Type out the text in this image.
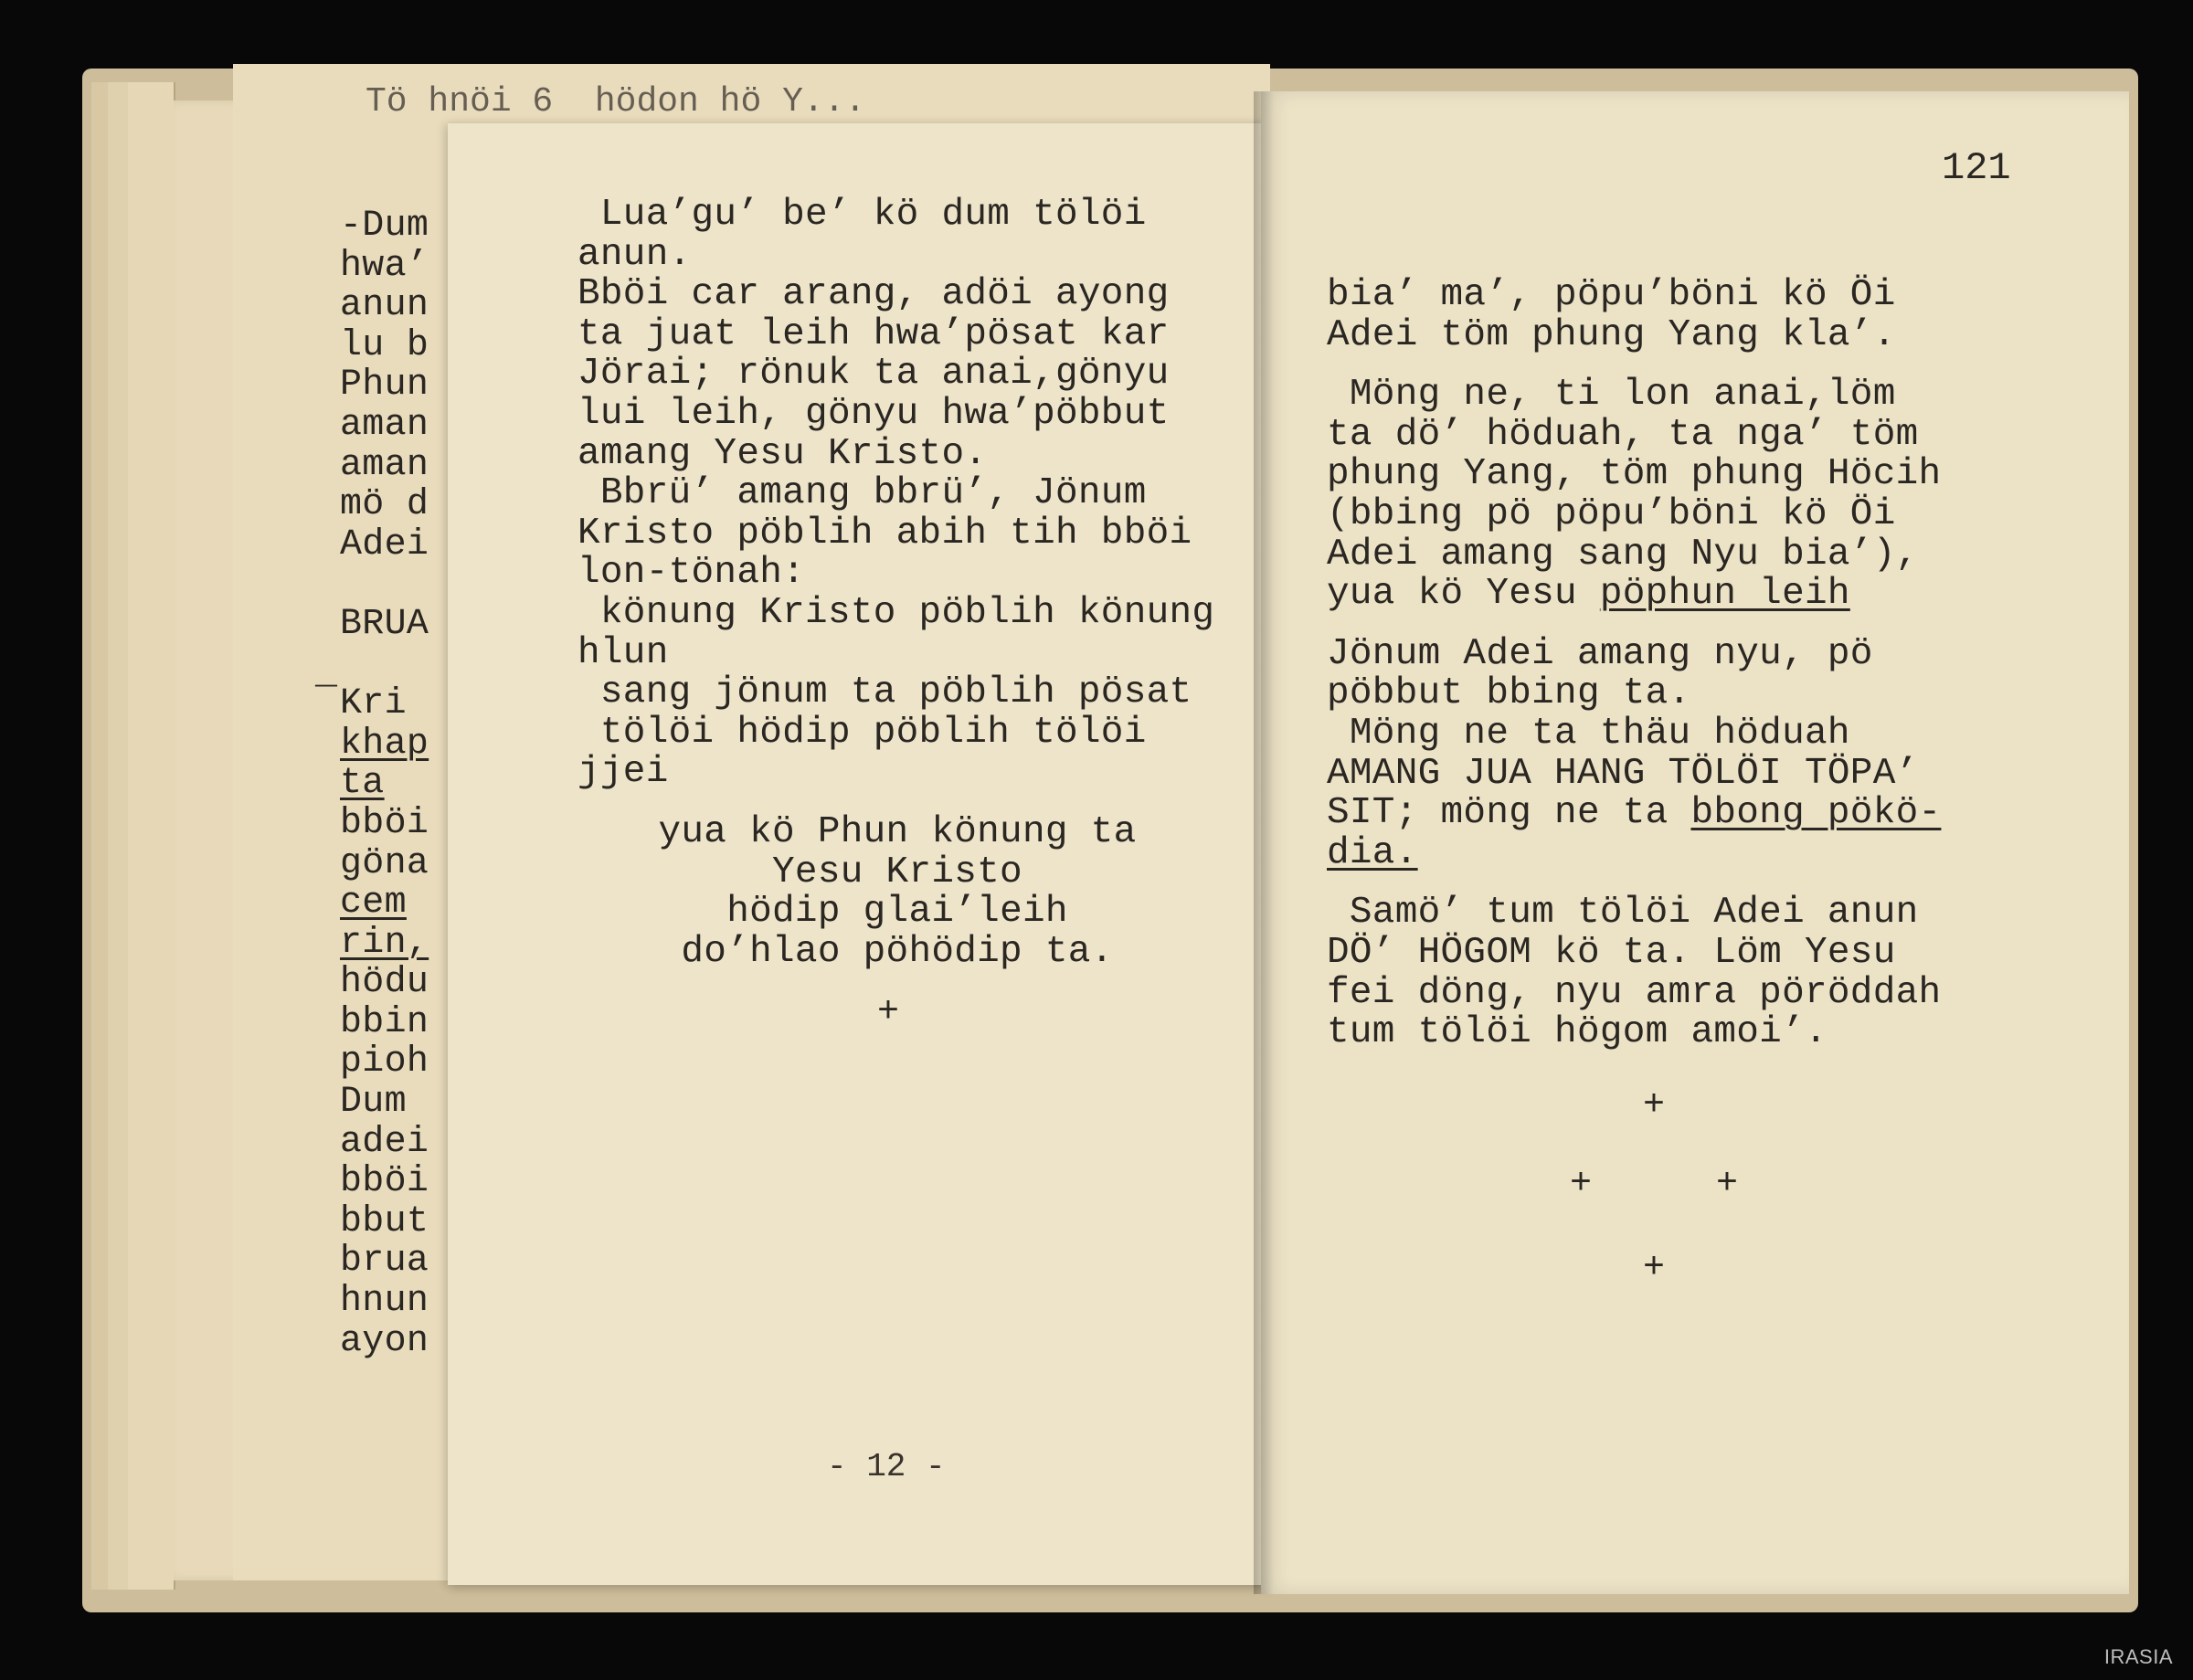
Tö hnöi 6  hödon hö Y...
-Dum
hwa’
anun
lu b
Phun
aman
aman
mö d
Adei
BRUA
Kri
khap
ta
bböi
göna
cem
rin,
hödu
bbin
pioh
Dum
adei
bböi
bbut
brua
hnun
ayon
_
Lua’gu’ be’ kö dum tölöi
anun.
Bböi car arang, adöi ayong
ta juat leih hwa’pösat kar
Jörai; rönuk ta anai,gönyu
lui leih, gönyu hwa’pöbbut
amang Yesu Kristo.
Bbrü’ amang bbrü’, Jönum
Kristo pöblih abih tih bböi
lon-tönah:
könung Kristo pöblih könung
hlun
sang jönum ta pöblih pösat
tölöi hödip pöblih tölöi
jjei
yua kö Phun könung ta
Yesu Kristo
hödip glai’leih
do’hlao pöhödip ta.
+
- 12 -
121
bia’ ma’, pöpu’böni kö Öi
Adei töm phung Yang kla’.
Möng ne, ti lon anai,löm
ta dö’ höduah, ta nga’ töm
phung Yang, töm phung Höcih
(bbing pö pöpu’böni kö Öi
Adei amang sang Nyu bia’),
yua kö Yesu pöphun leih
Jönum Adei amang nyu, pö
pöbbut bbing ta.
Möng ne ta thäu höduah
AMANG JUA HANG TÖLÖI TÖPA’
SIT; möng ne ta bbong pökö-
dia.
Samö’ tum tölöi Adei anun
DÖ’ HÖGOM kö ta. Löm Yesu
fei döng, nyu amra pöröddah
tum tölöi högom amoi’.
+
+	+
+
IRASIA
